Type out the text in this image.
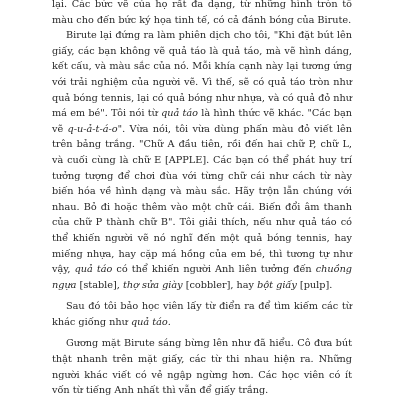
lại. Các bức vẽ của họ rất đa dạng, từ những hình tròn tô màu cho đến bức ký họa tinh tế, có cả đánh bóng của Birute.

Birute lại đứng ra làm phiên dịch cho tôi, "Khi đặt bút lên giấy, các bạn không vẽ quả táo là quả táo, mà vẽ hình dáng, kết cấu, và màu sắc của nó. Mỗi khía cạnh này lại tương ứng với trải nghiệm của người vẽ. Vì thế, sẽ có quả táo tròn như quả bóng tennis, lại có quả bóng như nhựa, và có quả đỏ như má em bé". Tôi nói từ quả táo là hình thức vẽ khác. "Các bạn vẽ q-u-ả-t-á-o". Vừa nói, tôi vừa dùng phấn màu đỏ viết lên trên bảng trắng. "Chữ A đầu tiên, rồi đến hai chữ P, chữ L, và cuối cùng là chữ E [APPLE]. Các bạn có thể phát huy trí tưởng tượng để chơi đùa với từng chữ cái như cách từ này biến hóa về hình dạng và màu sắc. Hãy trộn lẫn chúng với nhau. Bỏ đi hoặc thêm vào một chữ cái. Biến đổi âm thanh của chữ P thành chữ B". Tôi giải thích, nếu như quả táo có thể khiến người vẽ nó nghĩ đến một quả bóng tennis, hay miếng nhựa, hay cặp má hồng của em bé, thì tương tự như vậy, quả táo có thể khiến người Anh liên tưởng đến chuồng ngựa [stable], thợ sửa giày [cobbler], hay bột giấy [pulp].

Sau đó tôi bảo học viên lấy từ điển ra để tìm kiếm các từ khác giống như quả táo.

Gương mặt Birute sáng bừng lên như đã hiểu. Cô đưa bút thật nhanh trên mặt giấy, các từ thi nhau hiện ra. Những người khác viết có vẻ ngập ngừng hơn. Các học viên có ít vốn từ tiếng Anh nhất thì vẫn để giấy trắng.
